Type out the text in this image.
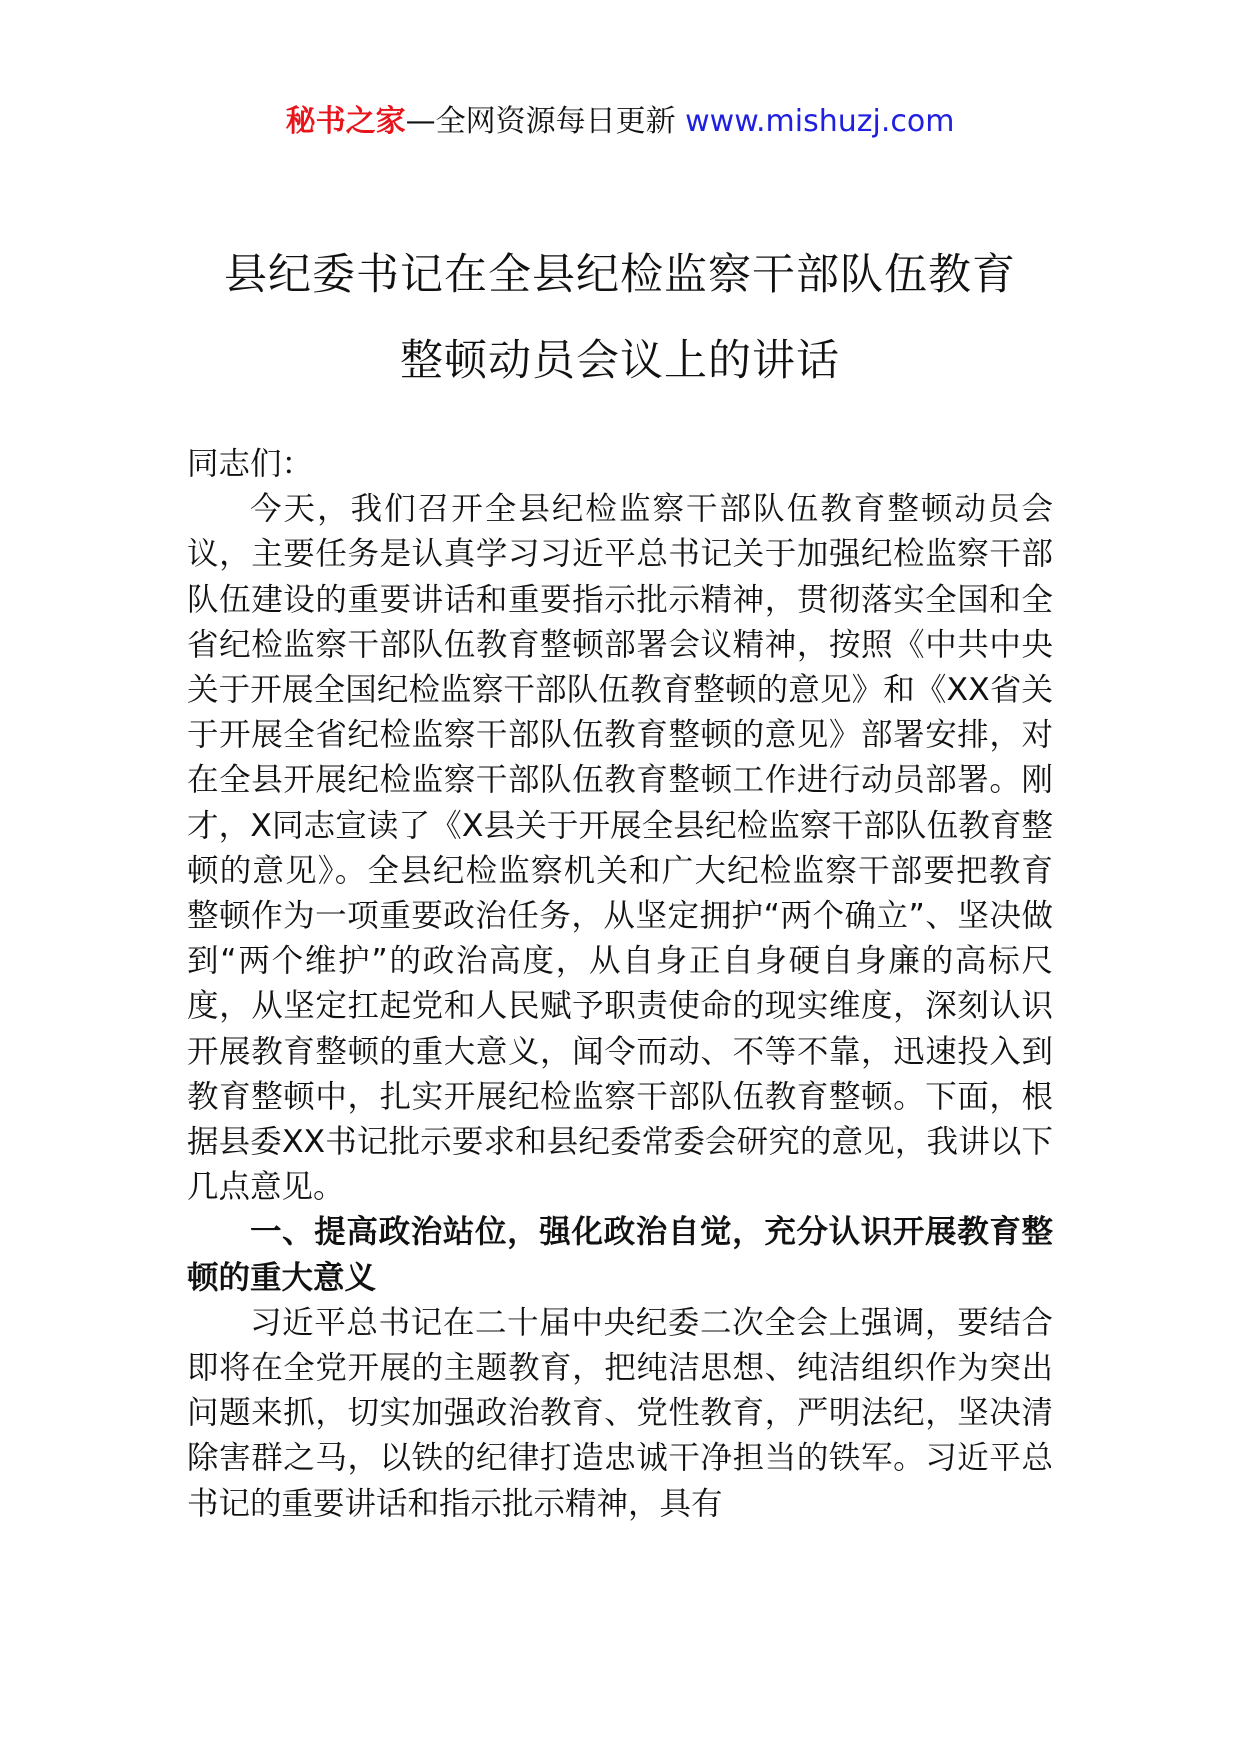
秘书之家—全网资源每日更新 www.mishuzj.com
县纪委书记在全县纪检监察干部队伍教育
整顿动员会议上的讲话

同志们：

今天，我们召开全县纪检监察干部队伍教育整顿动员会议，主要任务是认真学习习近平总书记关于加强纪检监察干部队伍建设的重要讲话和重要指示批示精神，贯彻落实全国和全省纪检监察干部队伍教育整顿部署会议精神，按照《中共中央关于开展全国纪检监察干部队伍教育整顿的意见》和《XX省关于开展全省纪检监察干部队伍教育整顿的意见》部署安排，对在全县开展纪检监察干部队伍教育整顿工作进行动员部署。刚才，X同志宣读了《X县关于开展全县纪检监察干部队伍教育整顿的意见》。全县纪检监察机关和广大纪检监察干部要把教育整顿作为一项重要政治任务，从坚定拥护“两个确立”、坚决做到“两个维护”的政治高度，从自身正自身硬自身廉的高标尺度，从坚定扛起党和人民赋予职责使命的现实维度，深刻认识开展教育整顿的重大意义，闻令而动、不等不靠，迅速投入到教育整顿中，扎实开展纪检监察干部队伍教育整顿。下面，根据县委XX书记批示要求和县纪委常委会研究的意见，我讲以下几点意见。

一、提高政治站位，强化政治自觉，充分认识开展教育整顿的重大意义

习近平总书记在二十届中央纪委二次全会上强调，要结合即将在全党开展的主题教育，把纯洁思想、纯洁组织作为突出问题来抓，切实加强政治教育、党性教育，严明法纪，坚决清除害群之马，以铁的纪律打造忠诚干净担当的铁军。习近平总书记的重要讲话和指示批示精神，具有
